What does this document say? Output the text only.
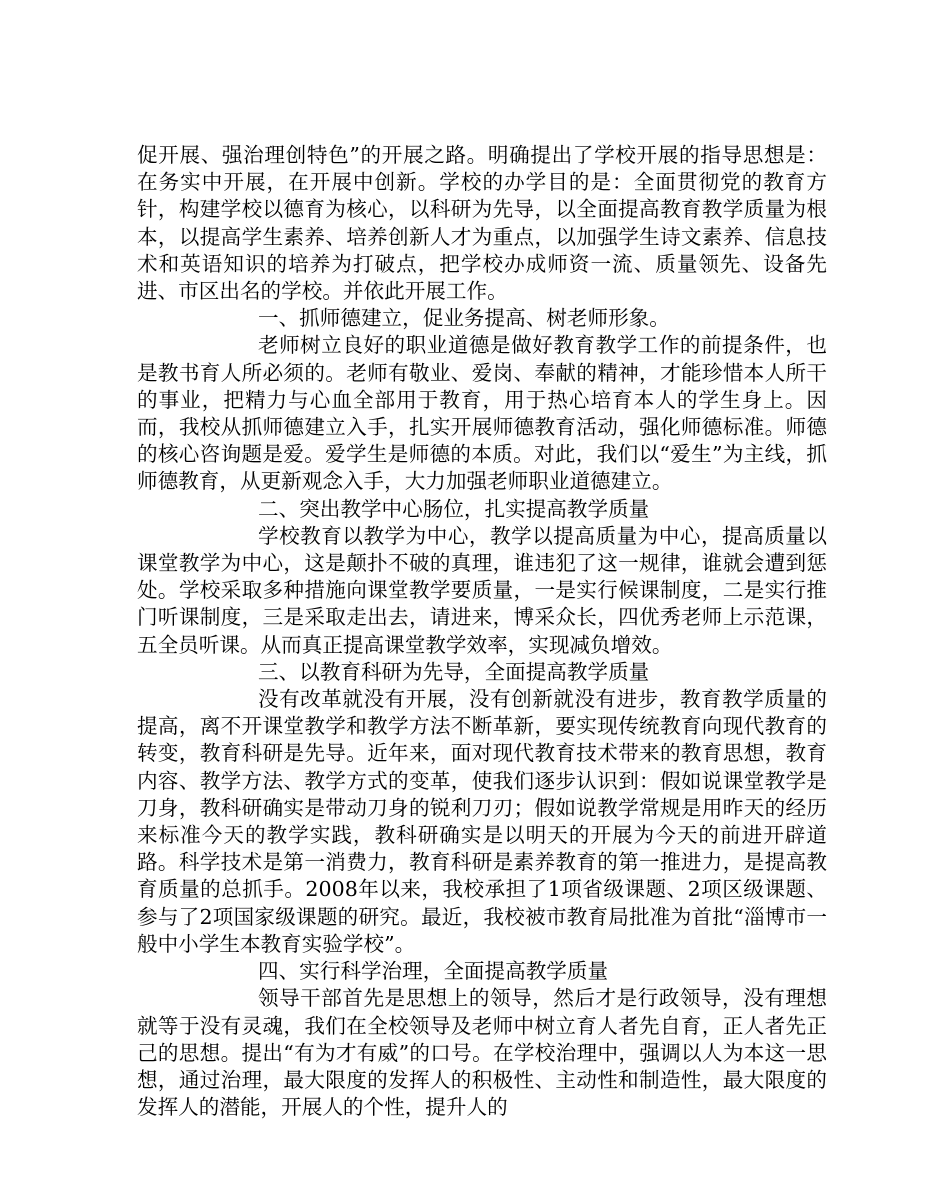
促开展、强治理创特色”的开展之路。明确提出了学校开展的指导思想是：在务实中开展，在开展中创新。学校的办学目的是：全面贯彻党的教育方针，构建学校以德育为核心，以科研为先导，以全面提高教育教学质量为根本，以提高学生素养、培养创新人才为重点，以加强学生诗文素养、信息技术和英语知识的培养为打破点，把学校办成师资一流、质量领先、设备先进、市区出名的学校。并依此开展工作。

一、抓师德建立，促业务提高、树老师形象。

老师树立良好的职业道德是做好教育教学工作的前提条件，也是教书育人所必须的。老师有敬业、爱岗、奉献的精神，才能珍惜本人所干的事业，把精力与心血全部用于教育，用于热心培育本人的学生身上。因而，我校从抓师德建立入手，扎实开展师德教育活动，强化师德标准。师德的核心咨询题是爱。爱学生是师德的本质。对此，我们以“爱生”为主线，抓师德教育，从更新观念入手，大力加强老师职业道德建立。

二、突出教学中心肠位，扎实提高教学质量

学校教育以教学为中心，教学以提高质量为中心，提高质量以课堂教学为中心，这是颠扑不破的真理，谁违犯了这一规律，谁就会遭到惩处。学校采取多种措施向课堂教学要质量，一是实行候课制度，二是实行推门听课制度，三是采取走出去，请进来，博采众长，四优秀老师上示范课，五全员听课。从而真正提高课堂教学效率，实现减负增效。

三、以教育科研为先导，全面提高教学质量

没有改革就没有开展，没有创新就没有进步，教育教学质量的提高，离不开课堂教学和教学方法不断革新，要实现传统教育向现代教育的转变，教育科研是先导。近年来，面对现代教育技术带来的教育思想，教育内容、教学方法、教学方式的变革，使我们逐步认识到：假如说课堂教学是刀身，教科研确实是带动刀身的锐利刀刃；假如说教学常规是用昨天的经历来标准今天的教学实践，教科研确实是以明天的开展为今天的前进开辟道路。科学技术是第一消费力，教育科研是素养教育的第一推进力，是提高教育质量的总抓手。2008年以来，我校承担了1项省级课题、2项区级课题、参与了2项国家级课题的研究。最近，我校被市教育局批准为首批“淄博市一般中小学生本教育实验学校”。

四、实行科学治理，全面提高教学质量

领导干部首先是思想上的领导，然后才是行政领导，没有理想就等于没有灵魂，我们在全校领导及老师中树立育人者先自育，正人者先正己的思想。提出“有为才有威”的口号。在学校治理中，强调以人为本这一思想，通过治理，最大限度的发挥人的积极性、主动性和制造性，最大限度的发挥人的潜能，开展人的个性，提升人的
